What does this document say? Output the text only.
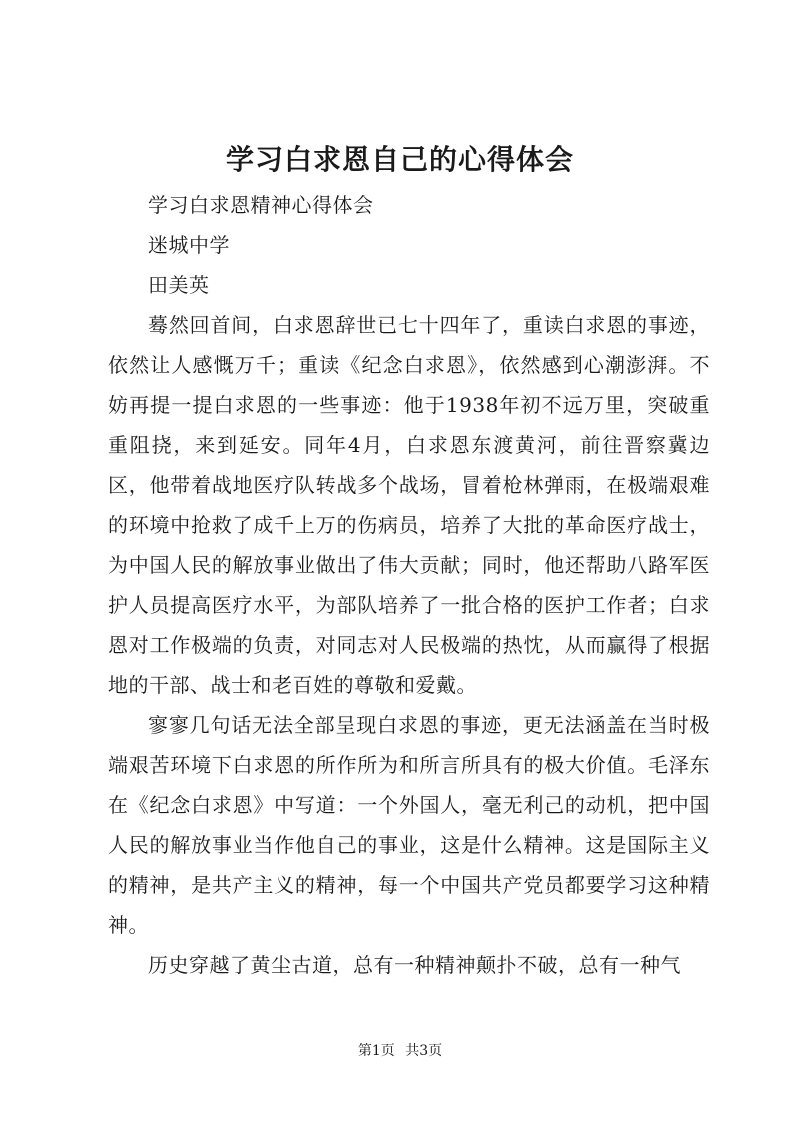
学习白求恩自己的心得体会
学习白求恩精神心得体会
迷城中学
田美英

蓦然回首间，白求恩辞世已七十四年了，重读白求恩的事迹，依然让人感慨万千；重读《纪念白求恩》，依然感到心潮澎湃。不妨再提一提白求恩的一些事迹：他于1938年初不远万里，突破重重阻挠，来到延安。同年4月，白求恩东渡黄河，前往晋察冀边区，他带着战地医疗队转战多个战场，冒着枪林弹雨，在极端艰难的环境中抢救了成千上万的伤病员，培养了大批的革命医疗战士，为中国人民的解放事业做出了伟大贡献；同时，他还帮助八路军医护人员提高医疗水平，为部队培养了一批合格的医护工作者；白求恩对工作极端的负责，对同志对人民极端的热忱，从而赢得了根据地的干部、战士和老百姓的尊敬和爱戴。

寥寥几句话无法全部呈现白求恩的事迹，更无法涵盖在当时极端艰苦环境下白求恩的所作所为和所言所具有的极大价值。毛泽东在《纪念白求恩》中写道：一个外国人，毫无利己的动机，把中国人民的解放事业当作他自己的事业，这是什么精神。这是国际主义的精神，是共产主义的精神，每一个中国共产党员都要学习这种精神。

历史穿越了黄尘古道，总有一种精神颠扑不破，总有一种气

第1页 共3页
